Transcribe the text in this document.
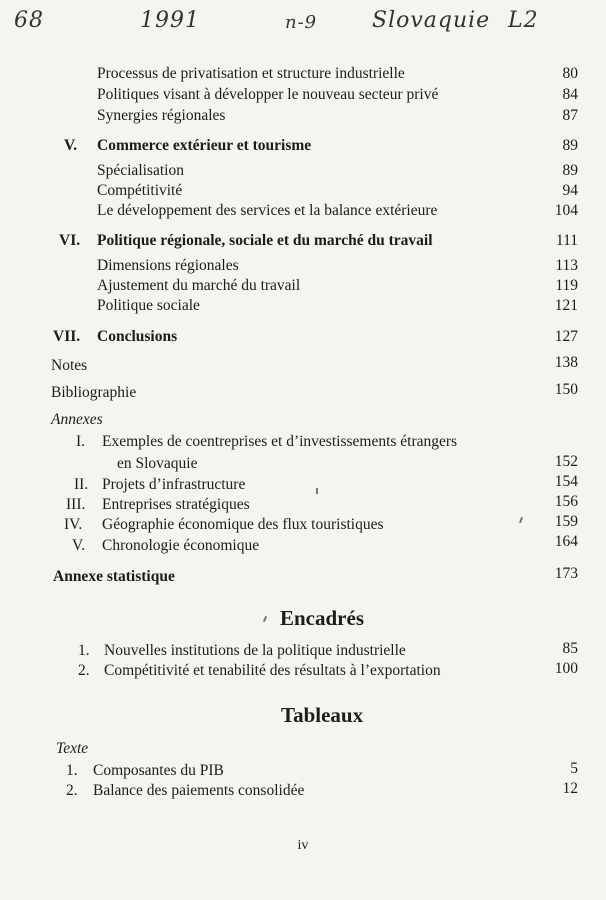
68	1991	n-9 Slovaquie L2
Processus de privatisation et structure industrielle	80
Politiques visant à développer le nouveau secteur privé	84
Synergies régionales	87
V. Commerce extérieur et tourisme	89
Spécialisation	89
Compétitivité	94
Le développement des services et la balance extérieure	104
VI. Politique régionale, sociale et du marché du travail	111
Dimensions régionales	113
Ajustement du marché du travail	119
Politique sociale	121
VII. Conclusions	127
Notes	138
Bibliographie	150
Annexes
I. Exemples de coentreprises et d’investissements étrangers
en Slovaquie	152
II. Projets d’infrastructure	154
III. Entreprises stratégiques	156
IV. Géographie économique des flux touristiques	159
V. Chronologie économique	164
Annexe statistique	173
Encadrés
1. Nouvelles institutions de la politique industrielle	85
2. Compétitivité et tenabilité des résultats à l’exportation	100
Tableaux
Texte
1. Composantes du PIB	5
2. Balance des paiements consolidée	12
iv
